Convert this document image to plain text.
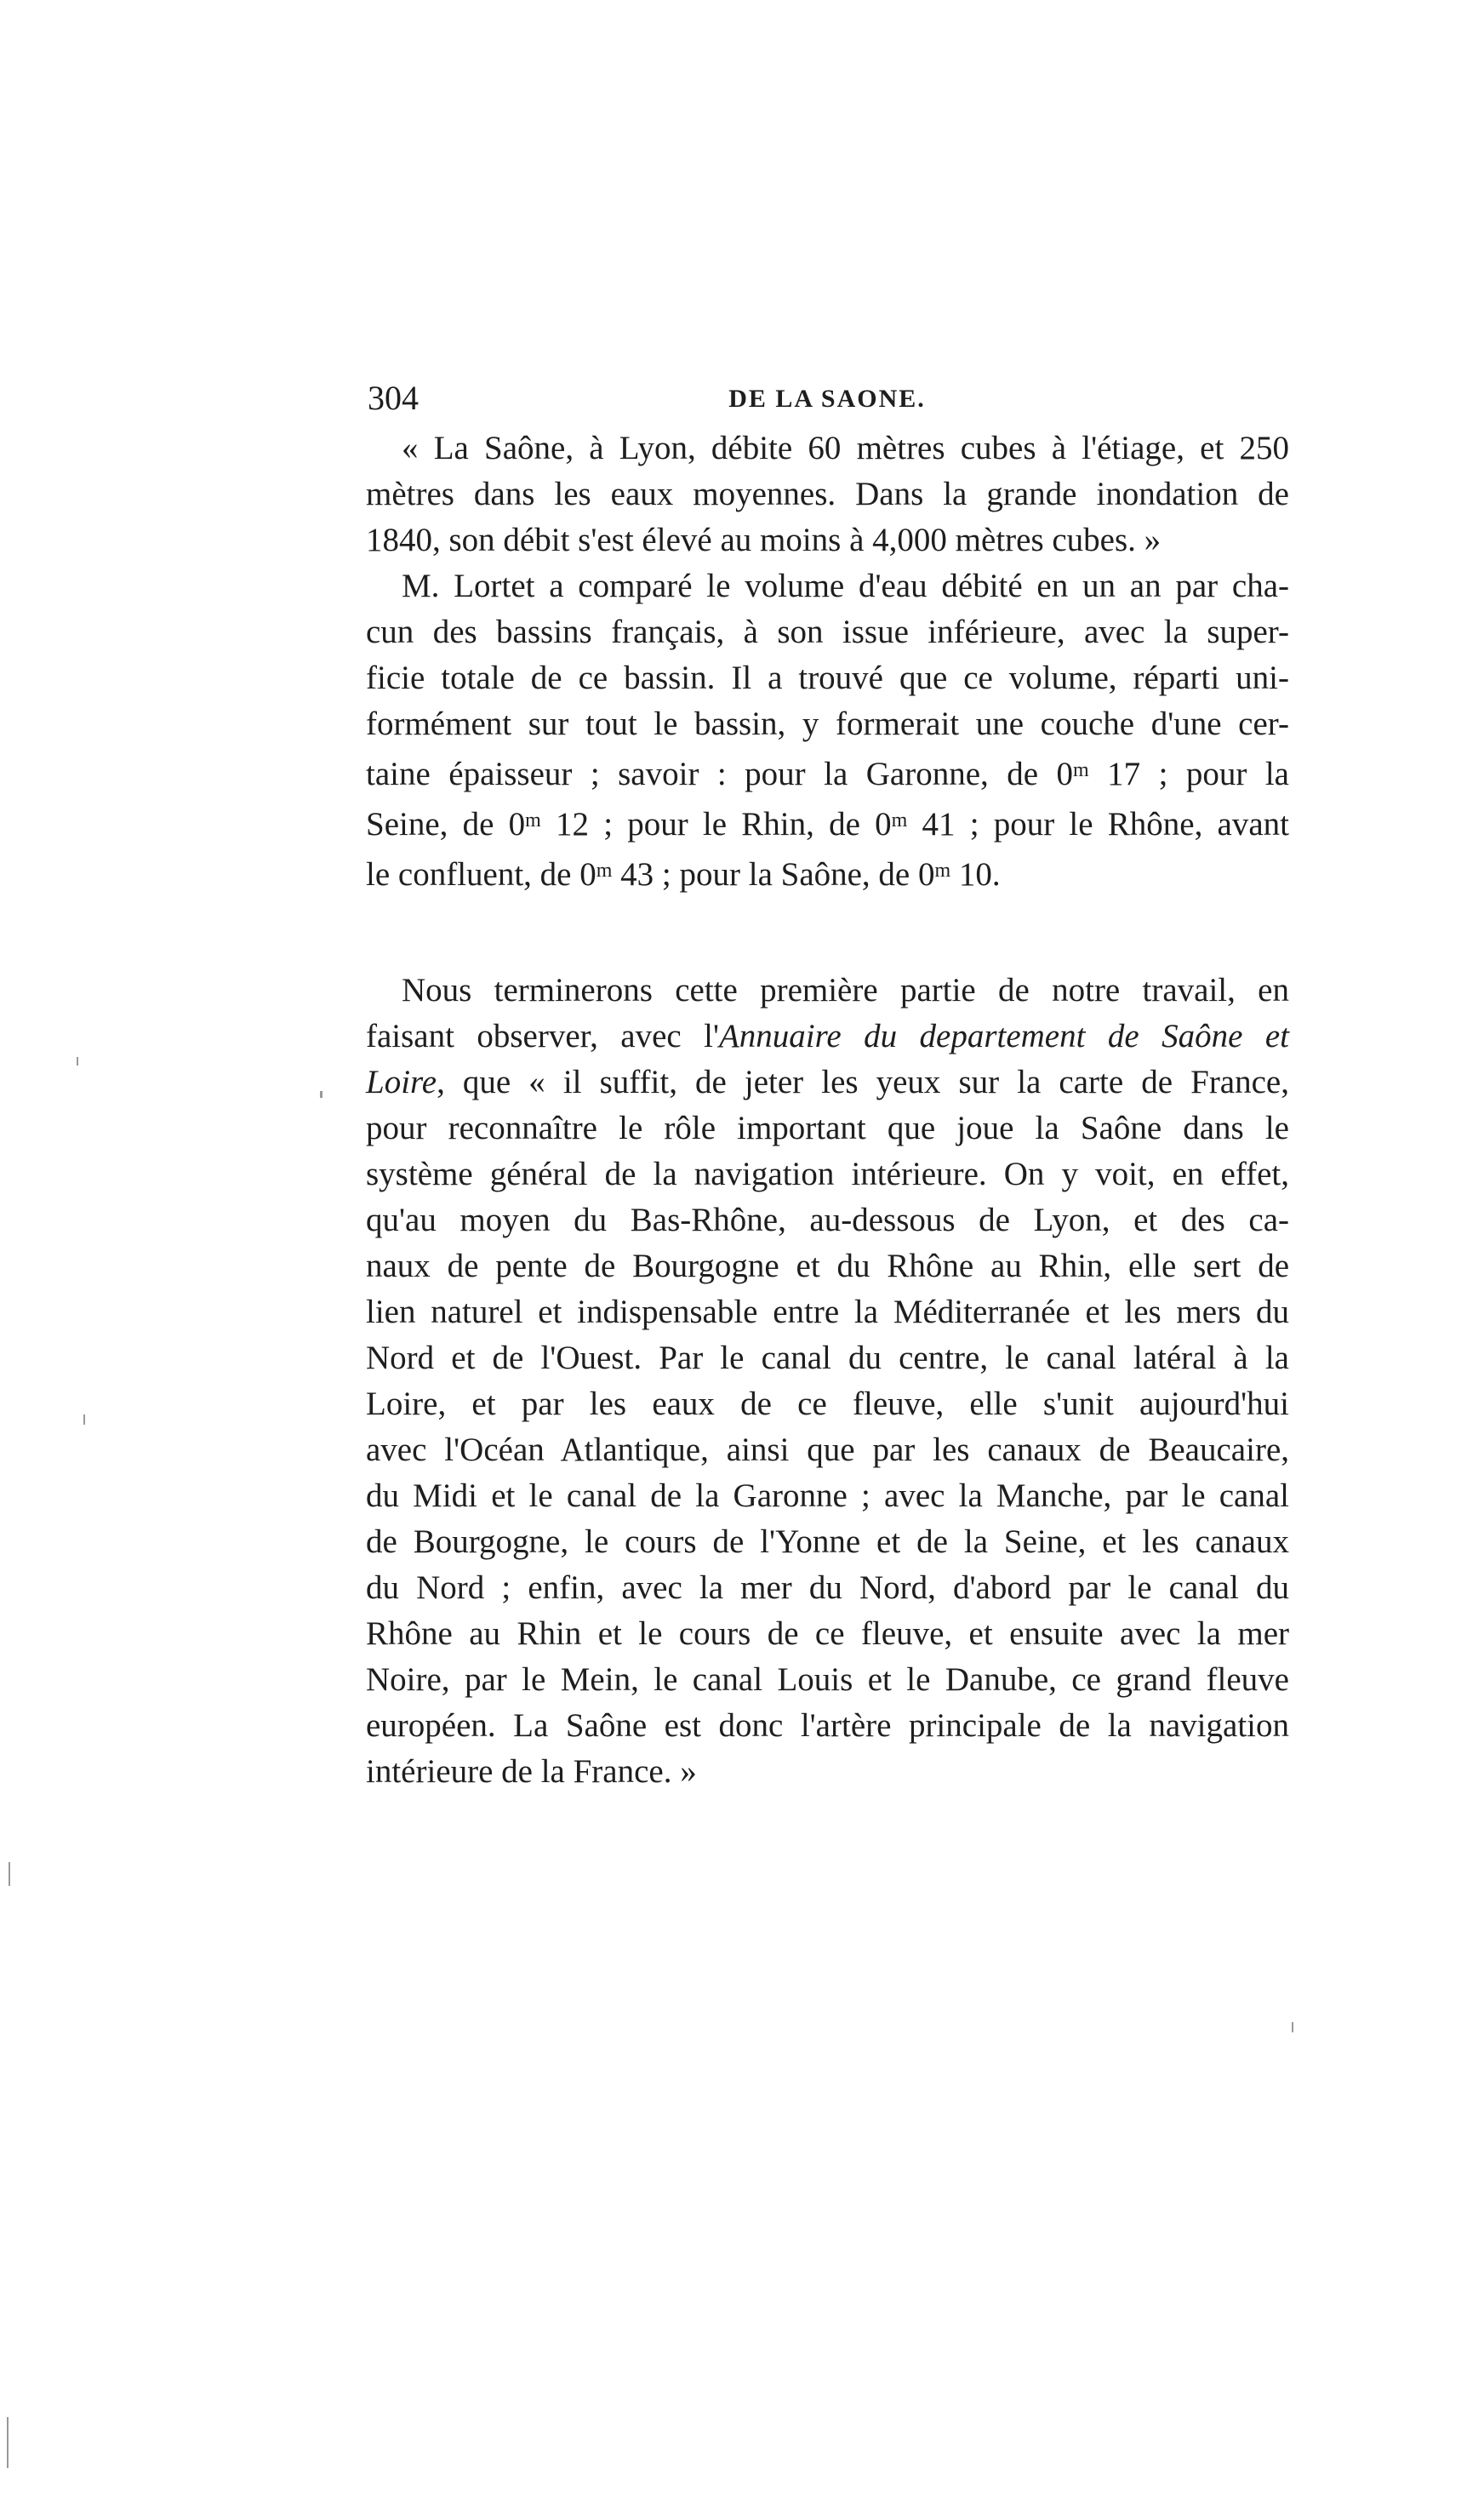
304	DE LA SAONE.
« La Saône, à Lyon, débite 60 mètres cubes à l'étiage, et 250
mètres dans les eaux moyennes. Dans la grande inondation de
1840, son débit s'est élevé au moins à 4,000 mètres cubes. »
M. Lortet a comparé le volume d'eau débité en un an par cha-
cun des bassins français, à son issue inférieure, avec la super-
ficie totale de ce bassin. Il a trouvé que ce volume, réparti uni-
formément sur tout le bassin, y formerait une couche d'une cer-
taine épaisseur ; savoir : pour la Garonne, de 0$^m$ 17 ; pour la
Seine, de 0$^m$ 12 ; pour le Rhin, de 0$^m$ 41 ; pour le Rhône, avant
le confluent, de 0$^m$ 43 ; pour la Saône, de 0$^m$ 10.
Nous terminerons cette première partie de notre travail, en
faisant observer, avec l'Annuaire du departement de Saône et
Loire, que « il suffit, de jeter les yeux sur la carte de France,
pour reconnaître le rôle important que joue la Saône dans le
système général de la navigation intérieure. On y voit, en effet,
qu'au moyen du Bas-Rhône, au-dessous de Lyon, et des ca-
naux de pente de Bourgogne et du Rhône au Rhin, elle sert de
lien naturel et indispensable entre la Méditerranée et les mers du
Nord et de l'Ouest. Par le canal du centre, le canal latéral à la
Loire, et par les eaux de ce fleuve, elle s'unit aujourd'hui
avec l'Océan Atlantique, ainsi que par les canaux de Beaucaire,
du Midi et le canal de la Garonne ; avec la Manche, par le canal
de Bourgogne, le cours de l'Yonne et de la Seine, et les canaux
du Nord ; enfin, avec la mer du Nord, d'abord par le canal du
Rhône au Rhin et le cours de ce fleuve, et ensuite avec la mer
Noire, par le Mein, le canal Louis et le Danube, ce grand fleuve
européen. La Saône est donc l'artère principale de la navigation
intérieure de la France. »
